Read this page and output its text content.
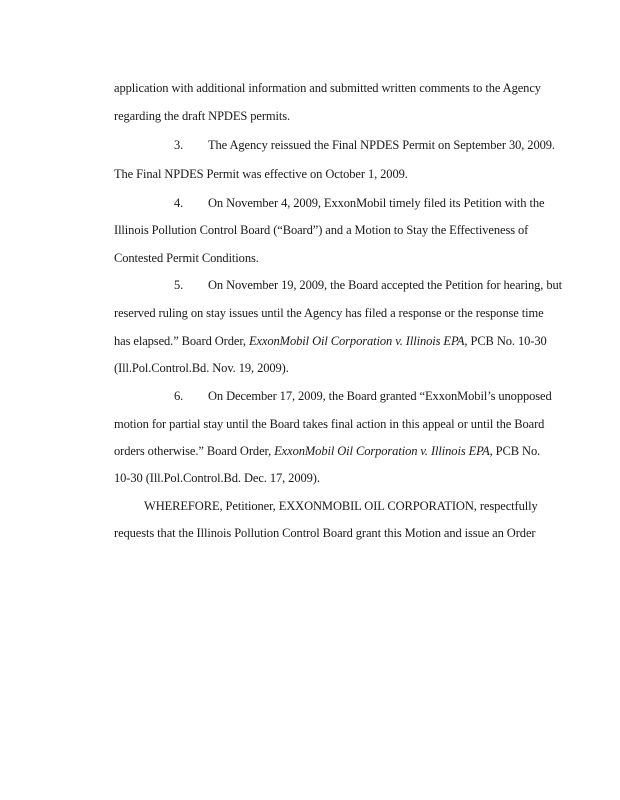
application with additional information and submitted written comments to the Agency
regarding the draft NPDES permits.
3. The Agency reissued the Final NPDES Permit on September 30, 2009.
The Final NPDES Permit was effective on October 1, 2009.
4. On November 4, 2009, ExxonMobil timely filed its Petition with the
Illinois Pollution Control Board (“Board”) and a Motion to Stay the Effectiveness of
Contested Permit Conditions.
5. On November 19, 2009, the Board accepted the Petition for hearing, but
reserved ruling on stay issues until the Agency has filed a response or the response time
has elapsed.” Board Order, ExxonMobil Oil Corporation v. Illinois EPA, PCB No. 10-30
(Ill.Pol.Control.Bd. Nov. 19, 2009).
6. On December 17, 2009, the Board granted “ExxonMobil’s unopposed
motion for partial stay until the Board takes final action in this appeal or until the Board
orders otherwise.” Board Order, ExxonMobil Oil Corporation v. Illinois EPA, PCB No.
10-30 (Ill.Pol.Control.Bd. Dec. 17, 2009).
WHEREFORE, Petitioner, EXXONMOBIL OIL CORPORATION, respectfully
requests that the Illinois Pollution Control Board grant this Motion and issue an Order
